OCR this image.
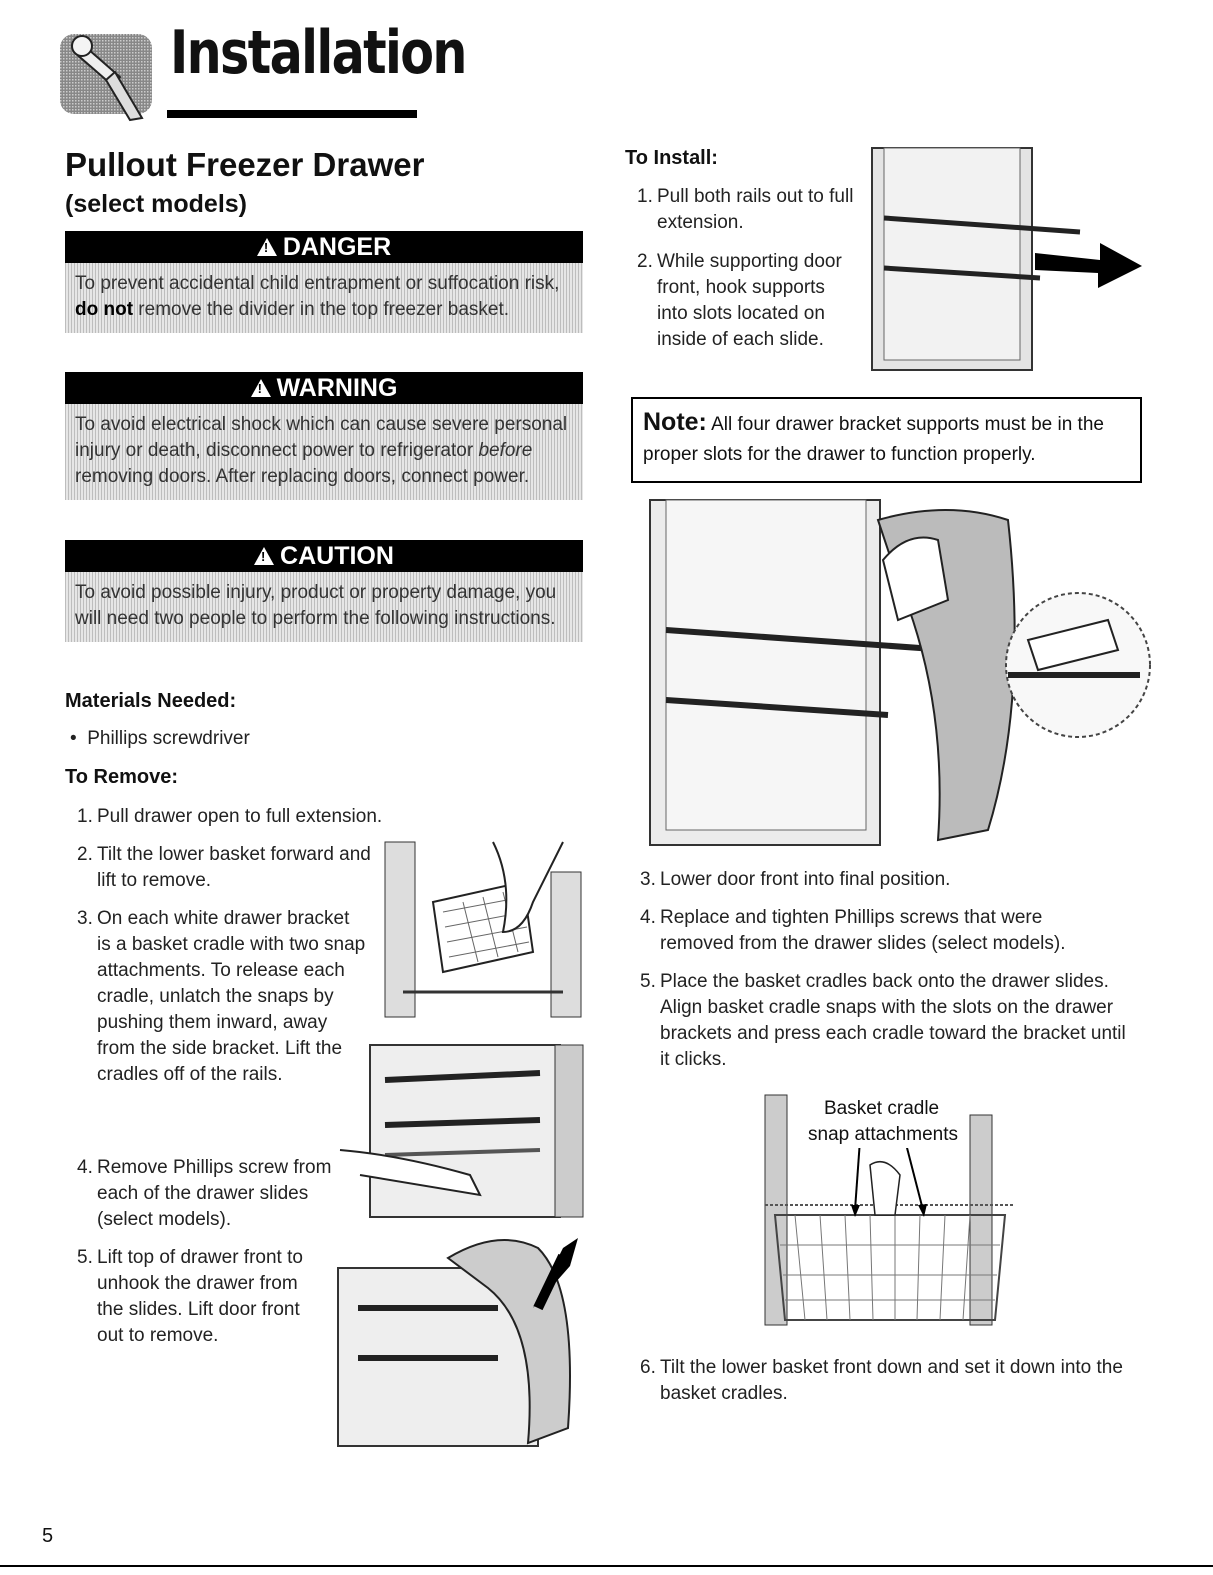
Installation
Pullout Freezer Drawer
(select models)
!DANGER
To prevent accidental child entrapment or suffocation risk, do not remove the divider in the top freezer basket.
!WARNING
To avoid electrical shock which can cause severe personal injury or death, disconnect power to refrigerator before removing doors. After replacing doors, connect power.
!CAUTION
To avoid possible injury, product or property damage, you will need two people to perform the following instructions.
Materials Needed:
•  Phillips screwdriver
To Remove:
1. Pull drawer open to full extension.
2. Tilt the lower basket forward and lift to remove.
3. On each white drawer bracket is a basket cradle with two snap attachments. To release each cradle, unlatch the snaps by pushing them inward, away from the side bracket. Lift the cradles off of the rails.
4. Remove Phillips screw from each of the drawer slides (select models).
5. Lift top of drawer front to unhook the drawer from the slides. Lift door front out to remove.
To Install:
1. Pull both rails out to full extension.
2. While supporting door front, hook supports into slots located on inside of each slide.
Note: All four drawer bracket supports must be in the proper slots for the drawer to function properly.
3. Lower door front into final position.
4. Replace and tighten Phillips screws that were removed from the drawer slides (select models).
5. Place the basket cradles back onto the drawer slides. Align basket cradle snaps with the slots on the drawer brackets and press each cradle toward the bracket until it clicks.
Basket cradle
snap attachments
6. Tilt the lower basket front down and set it down into the basket cradles.
5
